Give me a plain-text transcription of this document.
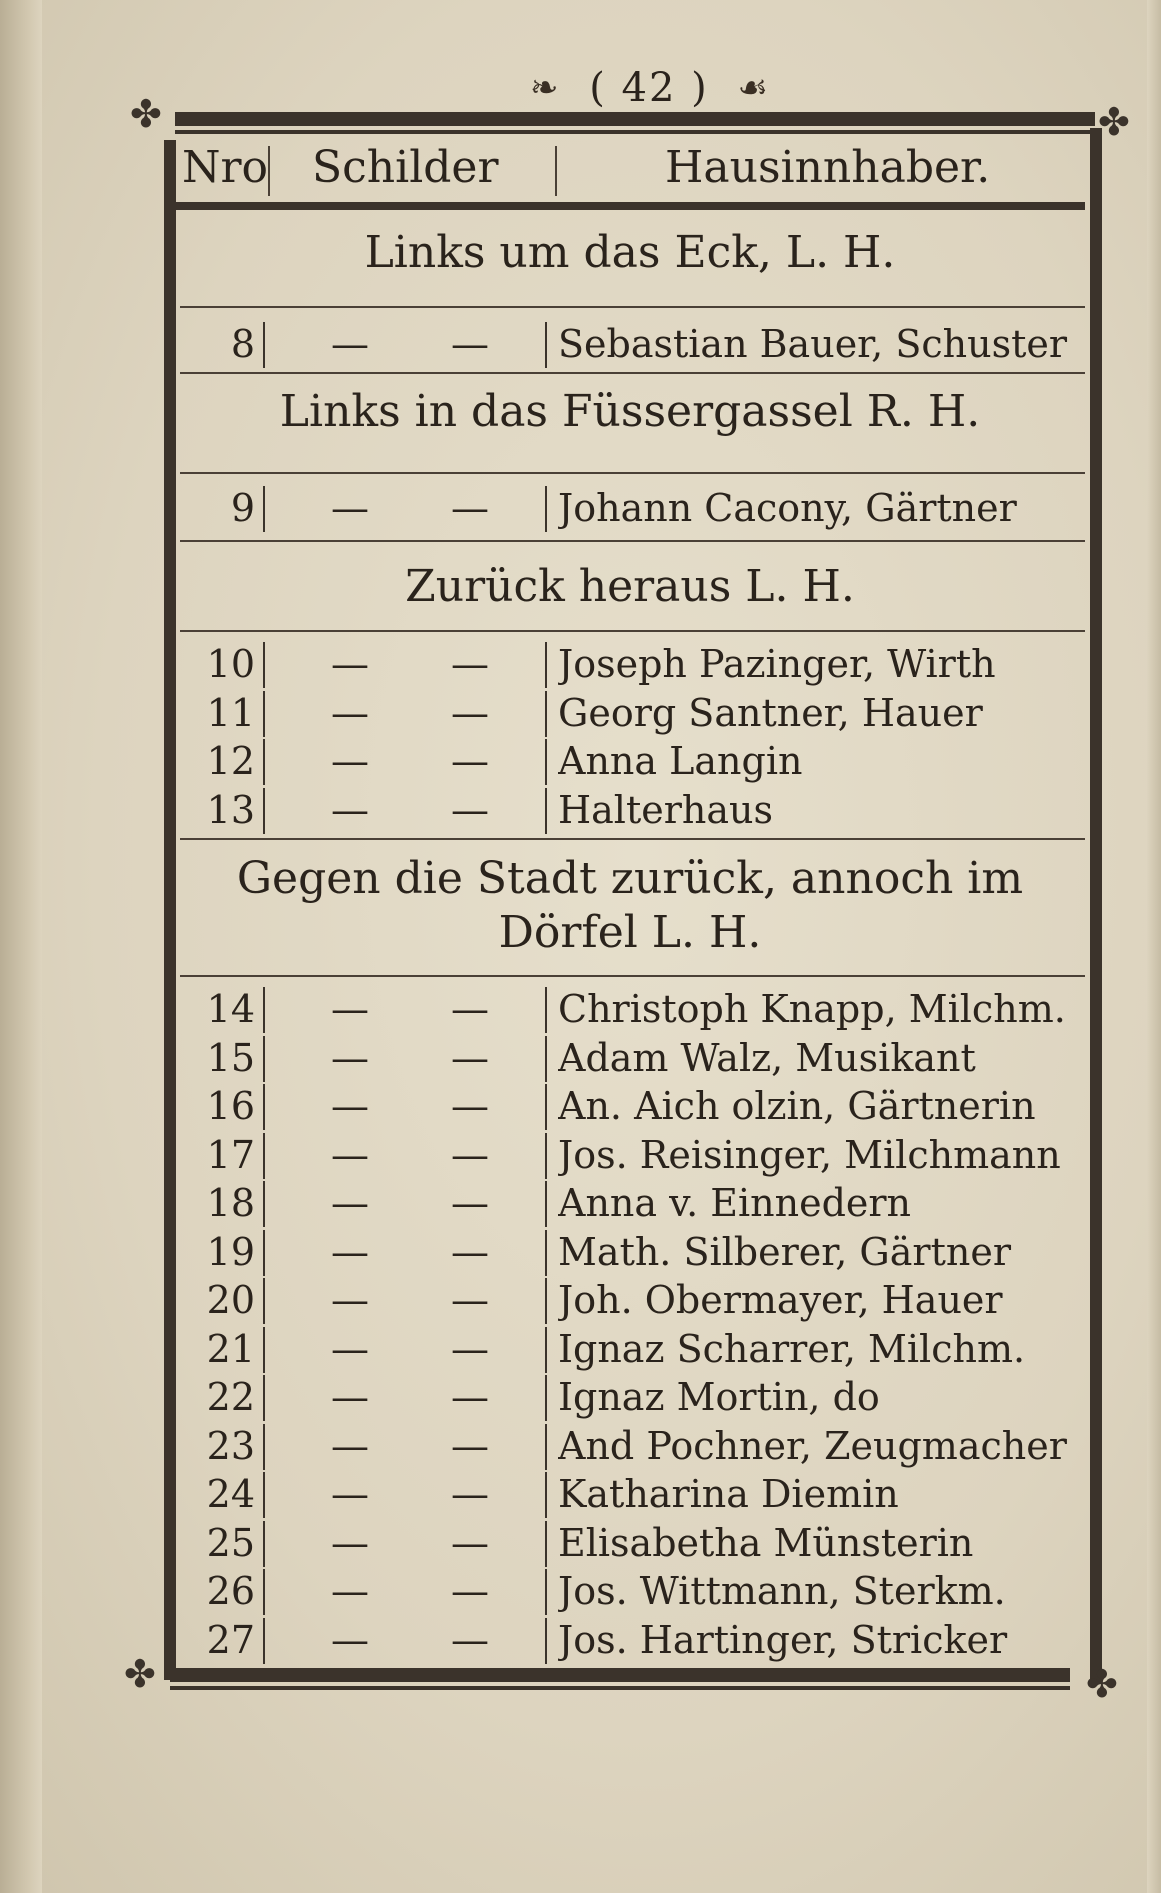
❧ ( 42 ) ☙
✤	✤
✤	✤
Nro Schilder	Hausinnhaber.
Links um das Eck, L. H.
8 — — Sebastian Bauer, Schuster
Links in das Füssergassel R. H.
9 — — Johann Cacony, Gärtner
Zurück heraus L. H.
10 — — Joseph Pazinger, Wirth
11 — — Georg Santner, Hauer
12 — — Anna Langin
13 — — Halterhaus
Gegen die Stadt zurück, annoch im Dörfel L. H.
14 — — Christoph Knapp, Milchm.
15 — — Adam Walz, Musikant
16 — — An. Aich olzin, Gärtnerin
17 — — Jos. Reisinger, Milchmann
18 — — Anna v. Einnedern
19 — — Math. Silberer, Gärtner
20 — — Joh. Obermayer, Hauer
21 — — Ignaz Scharrer, Milchm.
22 — — Ignaz Mortin, do
23 — — And Pochner, Zeugmacher
24 — — Katharina Diemin
25 — — Elisabetha Münsterin
26 — — Jos. Wittmann, Sterkm.
27 — — Jos. Hartinger, Stricker
